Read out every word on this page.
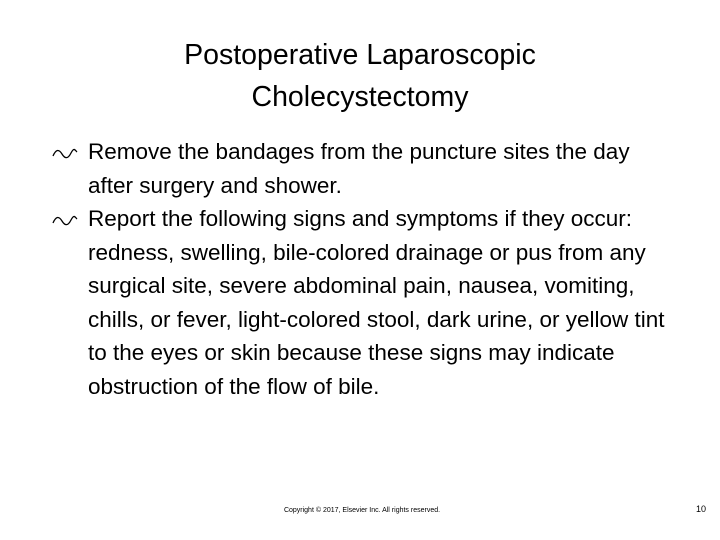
Postoperative Laparoscopic
Cholecystectomy
Remove the bandages from the puncture sites the day after surgery and shower.
Report the following signs and symptoms if they occur: redness, swelling, bile-colored drainage or pus from any surgical site, severe abdominal pain, nausea, vomiting, chills, or fever, light-colored stool, dark urine, or yellow tint to the eyes or skin because these signs may indicate obstruction of the flow of bile.
Copyright © 2017, Elsevier Inc. All rights reserved.	10
